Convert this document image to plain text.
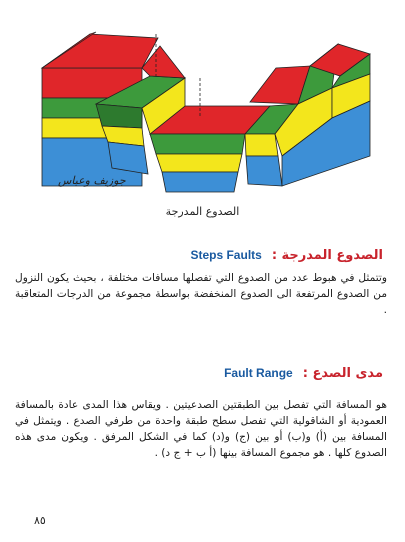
جوزيف وعباس
الصدوع المدرجة
الصدوع المدرجة :
Steps Faults

وتتمثل في هبوط عدد من الصدوع التي تفصلها مسافات مختلفة ، بحيث يكون النزول من الصدوع المرتفعة الى الصدوع المنخفضة بواسطة مجموعة من الدرجات المتعاقبة .

مدى الصدع :
Fault Range

هو المسافة التي تفصل بين الطبقتين الصدعيتين . ويقاس هذا المدى عادة بالمسافة العمودية أو الشاقولية التي تفصل سطح طبقة واحدة من طرفي الصدع . ويتمثل في المسافة بين (أ) و(ب) أو بين (ج) و(د) كما في الشكل المرفق . ويكون مدى هذه الصدوع كلها . هو مجموع المسافة بينها (أ ب + ج د) .

٨٥
